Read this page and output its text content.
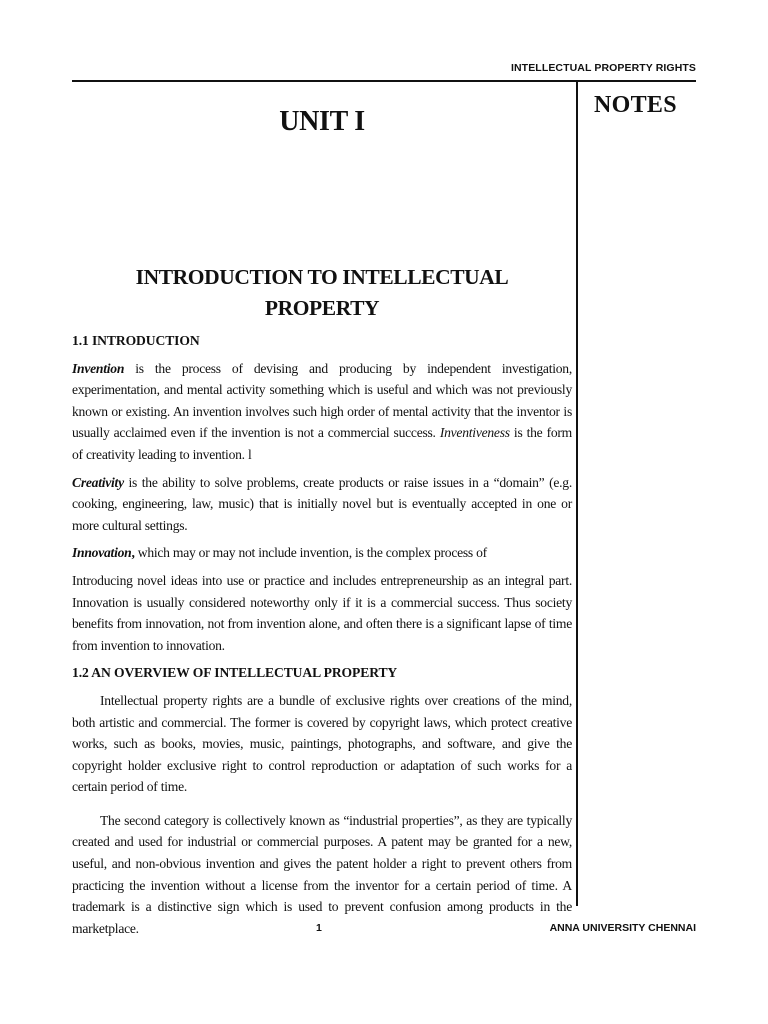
INTELLECTUAL PROPERTY RIGHTS
NOTES
UNIT I
INTRODUCTION TO INTELLECTUAL
PROPERTY
1.1 INTRODUCTION

Invention is the process of devising and producing by independent investigation, experimentation, and mental activity something which is useful and which was not previously known or existing. An invention involves such high order of mental activity that the inventor is usually acclaimed even if the invention is not a commercial success. Inventiveness is the form of creativity leading to invention. l

Creativity is the ability to solve problems, create products or raise issues in a “domain” (e.g. cooking, engineering, law, music) that is initially novel but is eventually accepted in one or more cultural settings.

Innovation, which may or may not include invention, is the complex process of

Introducing novel ideas into use or practice and includes entrepreneurship as an integral part. Innovation is usually considered noteworthy only if it is a commercial success. Thus society benefits from innovation, not from invention alone, and often there is a significant lapse of time from invention to innovation.

1.2 AN OVERVIEW OF INTELLECTUAL PROPERTY

Intellectual property rights are a bundle of exclusive rights over creations of the mind, both artistic and commercial. The former is covered by copyright laws, which protect creative works, such as books, movies, music, paintings, photographs, and software, and give the copyright holder exclusive right to control reproduction or adaptation of such works for a certain period of time.

The second category is collectively known as “industrial properties”, as they are typically created and used for industrial or commercial purposes. A patent may be granted for a new, useful, and non-obvious invention and gives the patent holder a right to prevent others from practicing the invention without a license from the inventor for a certain period of time. A trademark is a distinctive sign which is used to prevent confusion among products in the marketplace.	1	ANNA UNIVERSITY CHENNAI
